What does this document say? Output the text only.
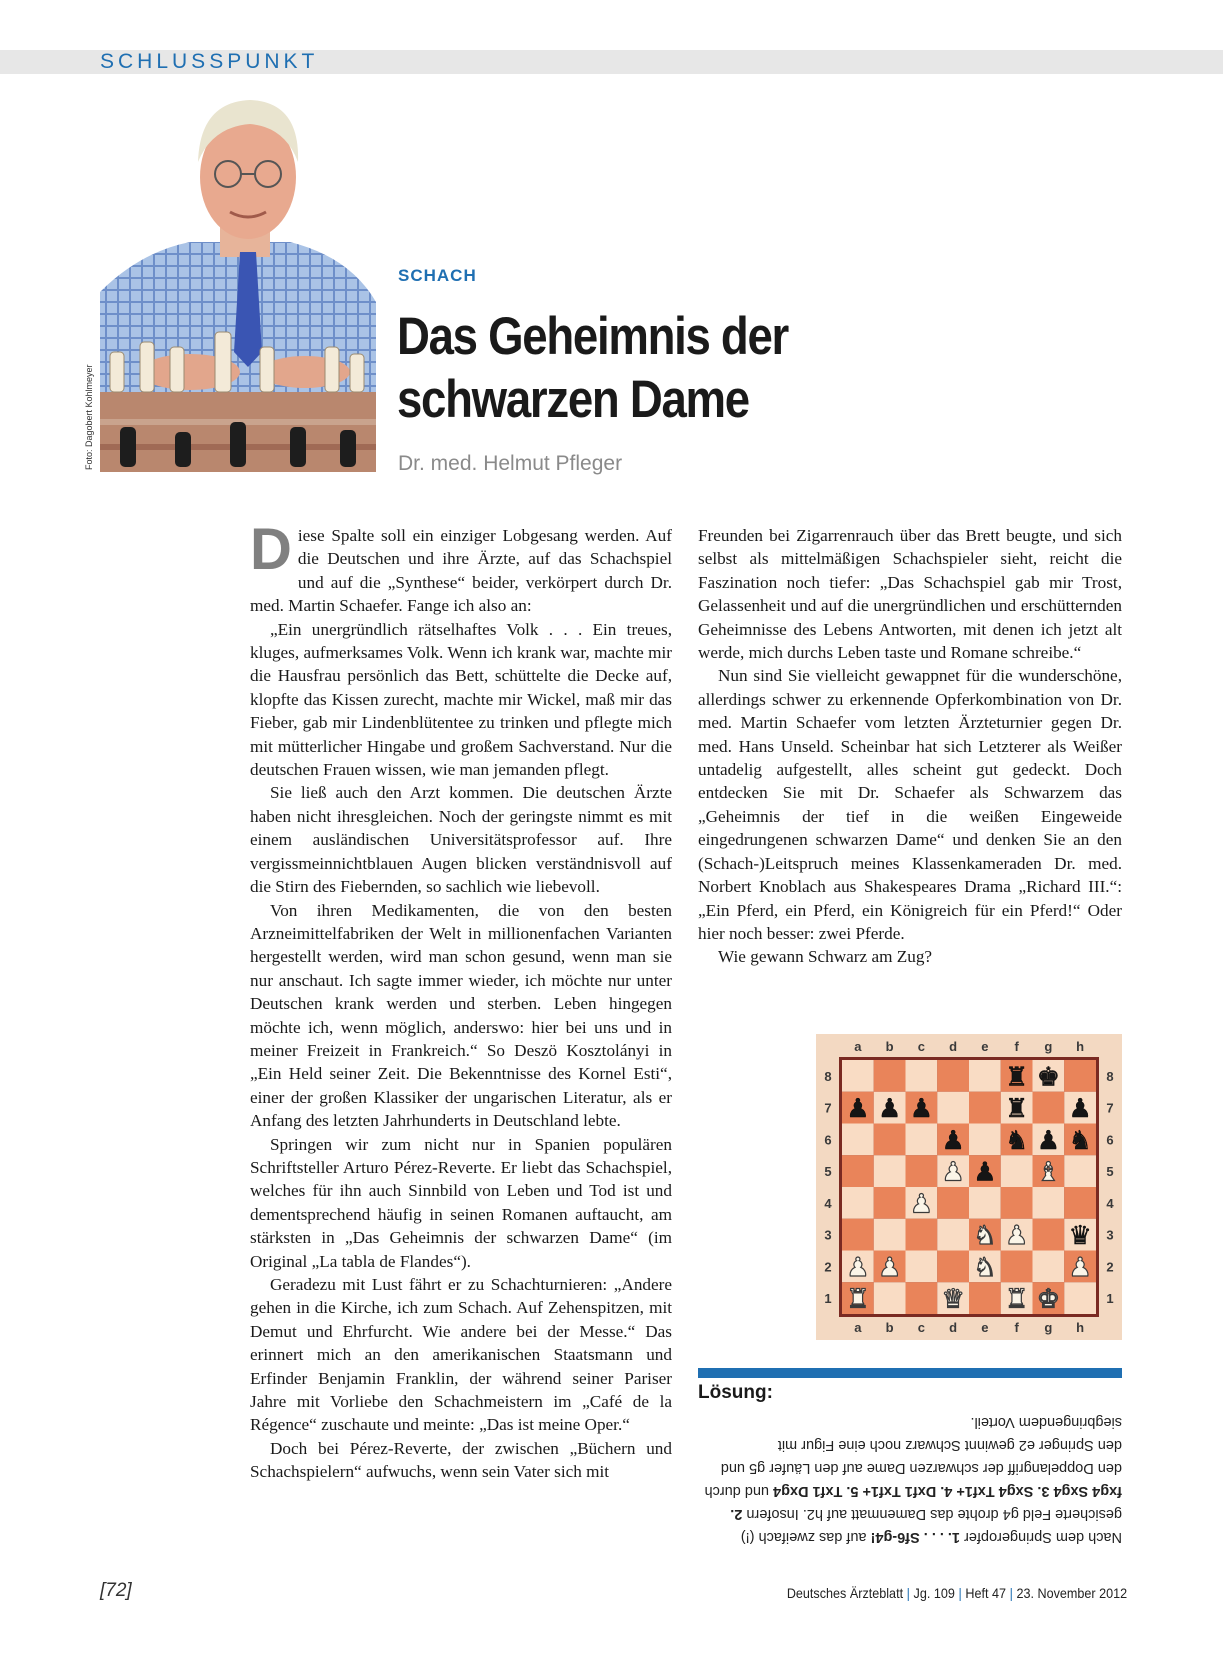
SCHLUSSPUNKT
Foto: Dagobert Kohlmeyer
SCHACH
Das Geheimnis der
schwarzen Dame
Dr. med. Helmut Pfleger

Diese Spalte soll ein einziger Lobgesang werden. Auf die Deutschen und ihre Ärzte, auf das Schachspiel und auf die „Synthese“ beider, verkörpert durch Dr. med. Martin Schaefer. Fange ich also an:

„Ein unergründlich rätselhaftes Volk . . . Ein treues, kluges, aufmerksames Volk. Wenn ich krank war, machte mir die Hausfrau persönlich das Bett, schüttelte die Decke auf, klopfte das Kissen zurecht, machte mir Wickel, maß mir das Fieber, gab mir Lindenblütentee zu trinken und pflegte mich mit mütterlicher Hingabe und großem Sachverstand. Nur die deutschen Frauen wissen, wie man jemanden pflegt.

Sie ließ auch den Arzt kommen. Die deutschen Ärzte haben nicht ihresgleichen. Noch der geringste nimmt es mit einem ausländischen Universitätsprofessor auf. Ihre vergissmeinnichtblauen Augen blicken verständnisvoll auf die Stirn des Fiebernden, so sachlich wie liebevoll.

Von ihren Medikamenten, die von den besten Arzneimittelfabriken der Welt in millionenfachen Varianten hergestellt werden, wird man schon gesund, wenn man sie nur anschaut. Ich sagte immer wieder, ich möchte nur unter Deutschen krank werden und sterben. Leben hingegen möchte ich, wenn möglich, anderswo: hier bei uns und in meiner Freizeit in Frankreich.“ So Deszö Kosztolányi in „Ein Held seiner Zeit. Die Bekenntnisse des Kornel Esti“, einer der großen Klassiker der ungarischen Literatur, als er Anfang des letzten Jahrhunderts in Deutschland lebte.

Springen wir zum nicht nur in Spanien populären Schriftsteller Arturo Pérez-Reverte. Er liebt das Schachspiel, welches für ihn auch Sinnbild von Leben und Tod ist und dementsprechend häufig in seinen Romanen auftaucht, am stärksten in „Das Geheimnis der schwarzen Dame“ (im Original „La tabla de Flandes“).

Geradezu mit Lust fährt er zu Schachturnieren: „Andere gehen in die Kirche, ich zum Schach. Auf Zehenspitzen, mit Demut und Ehrfurcht. Wie andere bei der Messe.“ Das erinnert mich an den amerikanischen Staatsmann und Erfinder Benjamin Franklin, der während seiner Pariser Jahre mit Vorliebe den Schachmeistern im „Café de la Régence“ zuschaute und meinte: „Das ist meine Oper.“

Doch bei Pérez-Reverte, der zwischen „Büchern und Schachspielern“ aufwuchs, wenn sein Vater sich mit

Freunden bei Zigarrenrauch über das Brett beugte, und sich selbst als mittelmäßigen Schachspieler sieht, reicht die Faszination noch tiefer: „Das Schachspiel gab mir Trost, Gelassenheit und auf die unergründlichen und erschütternden Geheimnisse des Lebens Antworten, mit denen ich jetzt alt werde, mich durchs Leben taste und Romane schreibe.“

Nun sind Sie vielleicht gewappnet für die wunderschöne, allerdings schwer zu erkennende Opferkombination von Dr. med. Martin Schaefer vom letzten Ärzteturnier gegen Dr. med. Hans Unseld. Scheinbar hat sich Letzterer als Weißer untadelig aufgestellt, alles scheint gut gedeckt. Doch entdecken Sie mit Dr. Schaefer als Schwarzem das „Geheimnis der tief in die weißen Eingeweide eingedrungenen schwarzen Dame“ und denken Sie an den (Schach-)Leitspruch meines Klassenkameraden Dr. med. Norbert Knoblach aus Shakespeares Drama „Richard III.“: „Ein Pferd, ein Pferd, ein Königreich für ein Pferd!“ Oder hier noch besser: zwei Pferde.

Wie gewann Schwarz am Zug?

a
a
b
b
c
c
d
d
e
e
f
f
g
g
h
h
8	8
7	7
6	6
5	5
4	4
3	3
2	2
1	1
♜ ♚
♟ ♟ ♟	♜ ♟
♟ ♞ ♟ ♞
♟ ♟ ♝
♟
♞ ♟ ♛
♟ ♟	♞	♟
♜	♛ ♜ ♚
Lösung:
Nach dem Springeropfer 1. . . . Sf6-g4! auf das zweifach (!) gesicherte Feld g4 drohte das Damenmatt auf h2. Insofern 2. fxg4 Sxg4 3. Sxg4 Txf1+ 4. Dxf1 Txf1+ 5. Txf1 Dxg4 und durch den Doppelangriff der schwarzen Dame auf den Läufer g5 und den Springer e2 gewinnt Schwarz noch eine Figur mit siegbringendem Vorteil.
[72]	Deutsches Ärzteblatt | Jg. 109 | Heft 47 | 23. November 2012
